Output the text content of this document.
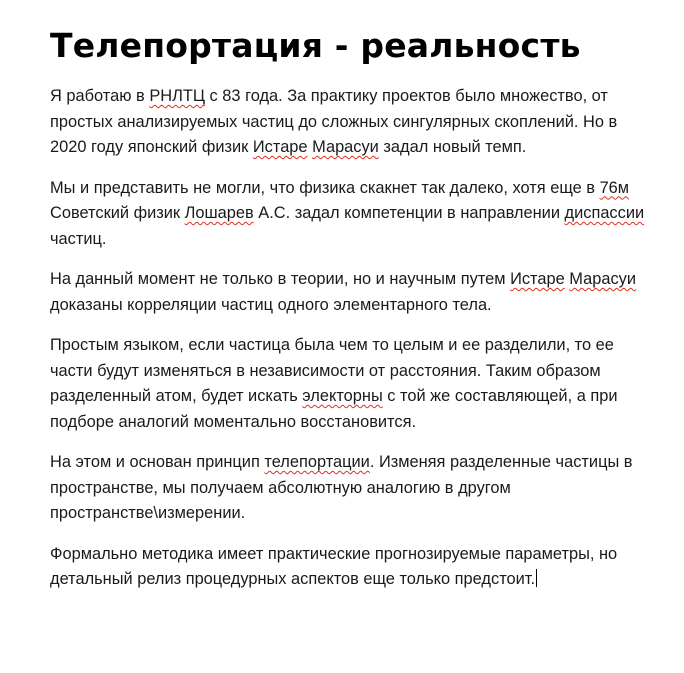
Телепортация - реальность

Я работаю в РНЛТЦ с 83 года. За практику проектов было множество, от простых анализируемых частиц до сложных сингулярных скоплений. Но в 2020 году японский физик Истаре Марасуи задал новый темп.

Мы и представить не могли, что физика скакнет так далеко, хотя еще в 76м Советский физик Лошарев А.С. задал компетенции в направлении диспассии частиц.

На данный момент не только в теории, но и научным путем Истаре Марасуи доказаны корреляции частиц одного элементарного тела.

Простым языком, если частица была чем то целым и ее разделили, то ее части будут изменяться в независимости от расстояния. Таким образом разделенный атом, будет искать электорны с той же составляющей, а при подборе аналогий моментально восстановится.

На этом и основан принцип телепортации. Изменяя разделенные частицы в пространстве, мы получаем абсолютную аналогию в другом пространстве\измерении.

Формально методика имеет практические прогнозируемые параметры, но детальный релиз процедурных аспектов еще только предстоит.
